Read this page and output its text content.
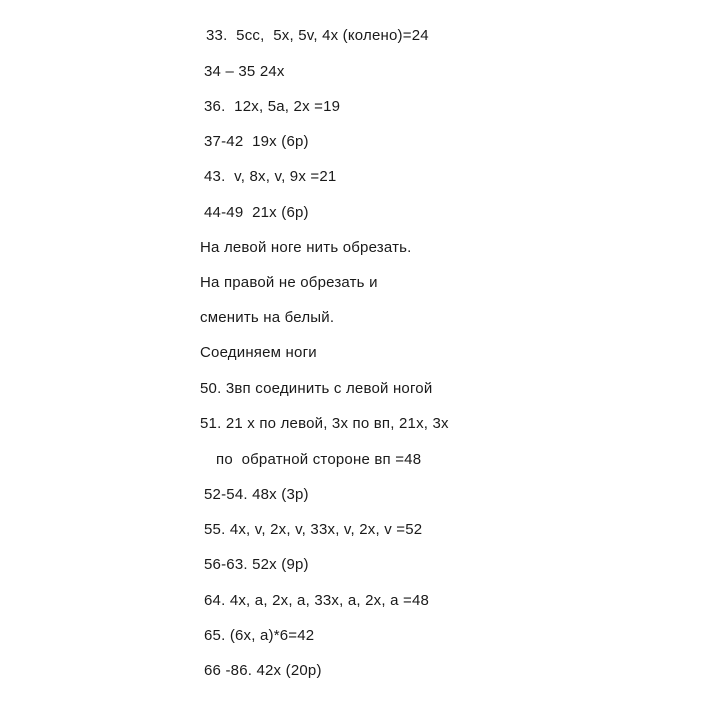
33.  5сс,  5х, 5v, 4х (колено)=24
34 – 35 24х
36.  12х, 5а, 2х =19
37-42  19х (6р)
43.  v, 8х, v, 9х =21
44-49  21х (6р)
На левой ноге нить обрезать.
На правой не обрезать и
сменить на белый.
Соединяем ноги
50. 3вп соединить с левой ногой
51. 21 х по левой, 3х по вп, 21х, 3х
по  обратной стороне вп =48
52-54. 48х (3р)
55. 4х, v, 2х, v, 33х, v, 2х, v =52
56-63. 52х (9р)
64. 4х, а, 2х, а, 33х, а, 2х, а =48
65. (6х, а)*6=42
66 -86. 42х (20р)
